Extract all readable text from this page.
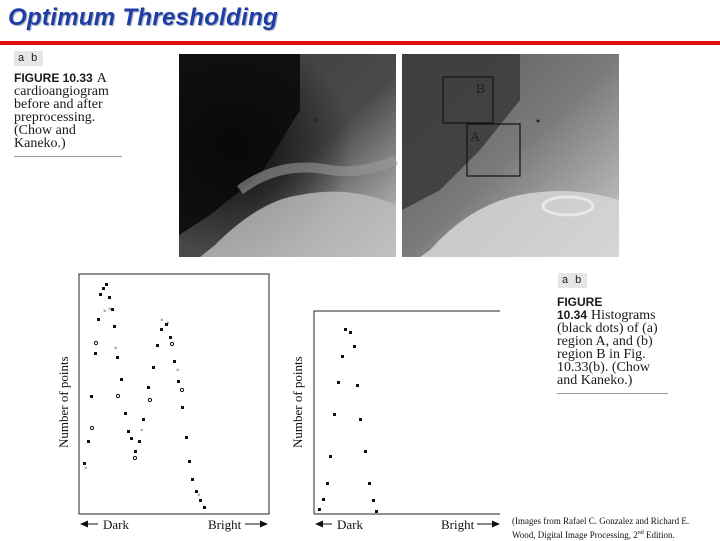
Optimum Thresholding
a b
FIGURE 10.33 A cardioangiogram before and after preprocessing. (Chow and Kaneko.)
B
A
Number of points
Dark	Bright
×
× ×
×
×
× ×
×
×
Number of points
Dark	Bright
a b
FIGURE 10.34 Histograms (black dots) of (a) region A, and (b) region B in Fig. 10.33(b). (Chow and Kaneko.)
(Images from Rafael C. Gonzalez and Richard E.
Wood, Digital Image Processing, 2nd Edition.
